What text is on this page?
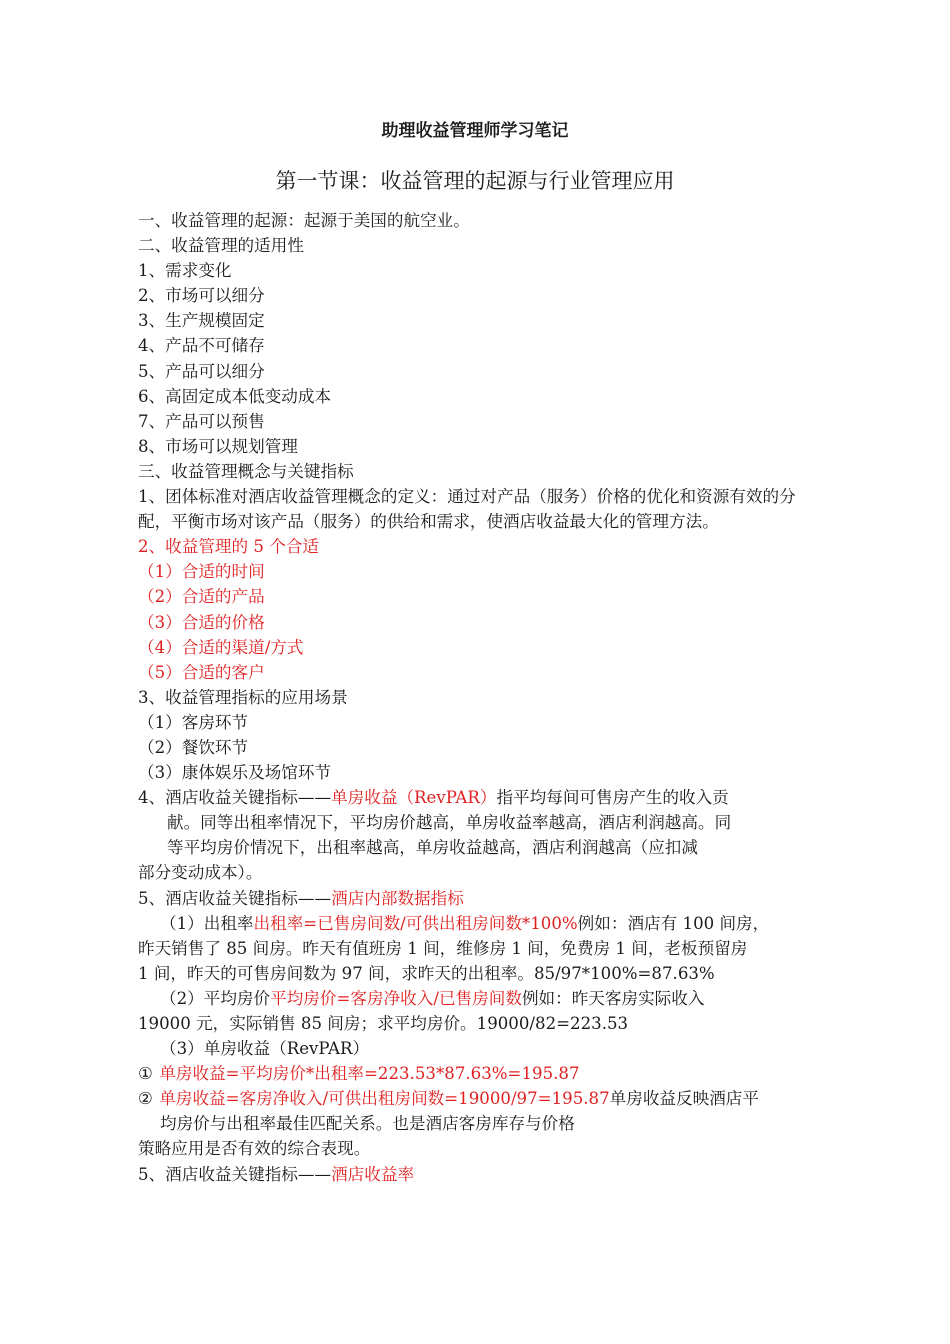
助理收益管理师学习笔记
第一节课：收益管理的起源与行业管理应用
一、收益管理的起源：起源于美国的航空业。
二、收益管理的适用性
1、需求变化
2、市场可以细分
3、生产规模固定
4、产品不可储存
5、产品可以细分
6、高固定成本低变动成本
7、产品可以预售
8、市场可以规划管理
三、收益管理概念与关键指标
1、团体标准对酒店收益管理概念的定义：通过对产品（服务）价格的优化和资源有效的分配，平衡市场对该产品（服务）的供给和需求，使酒店收益最大化的管理方法。
2、收益管理的 5 个合适
（1）合适的时间
（2）合适的产品
（3）合适的价格
（4）合适的渠道/方式
（5）合适的客户
3、收益管理指标的应用场景
（1）客房环节
（2）餐饮环节
（3）康体娱乐及场馆环节
4、酒店收益关键指标——单房收益（RevPAR）指平均每间可售房产生的收入贡
献。同等出租率情况下，平均房价越高，单房收益率越高，酒店利润越高。同
等平均房价情况下，出租率越高，单房收益越高，酒店利润越高（应扣减
部分变动成本）。
5、酒店收益关键指标——酒店内部数据指标
（1）出租率出租率=已售房间数/可供出租房间数*100%例如：酒店有 100 间房，
昨天销售了 85 间房。昨天有值班房 1 间，维修房 1 间，免费房 1 间，老板预留房
1 间，昨天的可售房间数为 97 间，求昨天的出租率。85/97*100%=87.63%
（2）平均房价平均房价=客房净收入/已售房间数例如：昨天客房实际收入
19000 元，实际销售 85 间房；求平均房价。19000/82=223.53
（3）单房收益（RevPAR）
① 单房收益=平均房价*出租率=223.53*87.63%=195.87
② 单房收益=客房净收入/可供出租房间数=19000/97=195.87单房收益反映酒店平
均房价与出租率最佳匹配关系。也是酒店客房库存与价格
策略应用是否有效的综合表现。
5、酒店收益关键指标——酒店收益率
